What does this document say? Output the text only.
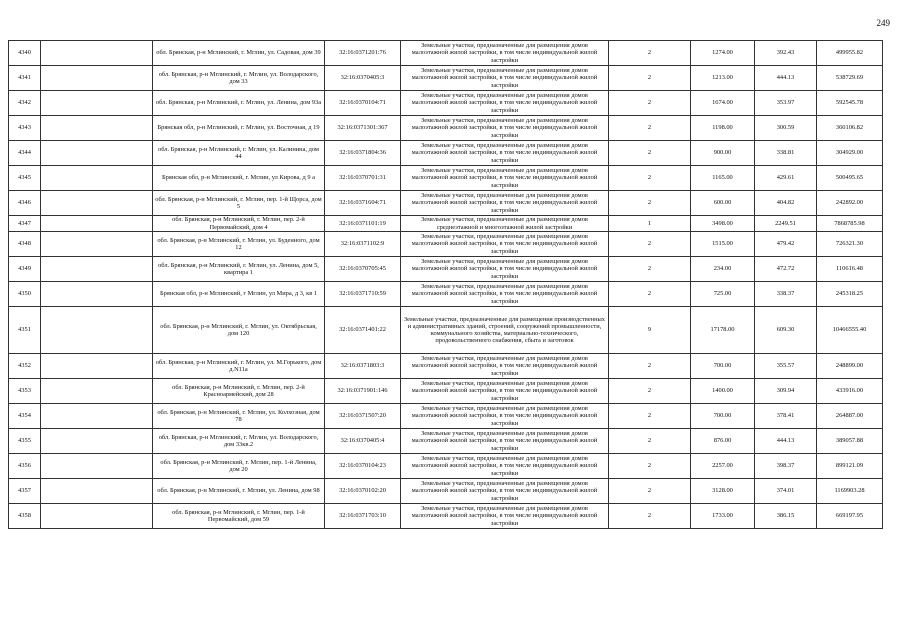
249
4340		обл. Брянская, р-н Мглинский, г. Мглин, ул. Садовая, дом 39	32:16:0371201:76	Земельные участки, предназначенные для размещения домов малоэтажной жилой застройки, в том числе индивидуальной жилой застройки	2	1274.00	392.43	499955.82
4341		обл. Брянская, р-н Мглинский, г. Мглин, ул. Володарского, дом 33	32:16:0370405:3	Земельные участки, предназначенные для размещения домов малоэтажной жилой застройки, в том числе индивидуальной жилой застройки	2	1213.00	444.13	538729.69
4342		обл. Брянская, р-н Мглинский, г. Мглин, ул. Ленина, дом 93а	32:16:0370104:71	Земельные участки, предназначенные для размещения домов малоэтажной жилой застройки, в том числе индивидуальной жилой застройки	2	1674.00	353.97	592545.78
4343		Брянская обл, р-н Мглинский, г. Мглин, ул. Восточная, д 19	32:16:0371301:367	Земельные участки, предназначенные для размещения домов малоэтажной жилой застройки, в том числе индивидуальной жилой застройки	2	1198.00	300.59	360106.82
4344		обл. Брянская, р-н Мглинский, г. Мглин, ул. Калинина, дом 44	32:16:0371804:36	Земельные участки, предназначенные для размещения домов малоэтажной жилой застройки, в том числе индивидуальной жилой застройки	2	900.00	338.81	304929.00
4345		Брянская обл, р-н Мглинский, г. Мглин, ул Кирова, д 9 а	32:16:0370701:31	Земельные участки, предназначенные для размещения домов малоэтажной жилой застройки, в том числе индивидуальной жилой застройки	2	1165.00	429.61	500495.65
4346		обл. Брянская, р-н Мглинский, г. Мглин, пер. 1-й Щорса, дом 5	32:16:0371604:71	Земельные участки, предназначенные для размещения домов малоэтажной жилой застройки, в том числе индивидуальной жилой застройки	2	600.00	404.82	242892.00
4347		обл. Брянская, р-н Мглинский, г. Мглин, пер. 2-й Первомайский, дом 4	32:16:0371101:19	Земельные участки, предназначенные для размещения домов среднеэтажной и многоэтажной жилой застройки	1	3498.00	2249.51	7868785.98
4348		обл. Брянская, р-н Мглинский, г. Мглин, ул. Буденного, дом 12	32:16:0371102:9	Земельные участки, предназначенные для размещения домов малоэтажной жилой застройки, в том числе индивидуальной жилой застройки	2	1515.00	479.42	726321.30
4349		обл. Брянская, р-н Мглинский, г. Мглин, ул. Ленина, дом 5, квартира 1	32:16:0370705:45	Земельные участки, предназначенные для размещения домов малоэтажной жилой застройки, в том числе индивидуальной жилой застройки	2	234.00	472.72	110616.48
4350		Брянская обл, р-н Мглинский, г Мглин, ул Мира, д 3, кв 1	32:16:0371710:59	Земельные участки, предназначенные для размещения домов малоэтажной жилой застройки, в том числе индивидуальной жилой застройки	2	725.00	338.37	245318.25
4351		обл. Брянская, р-н Мглинский, г. Мглин, ул. Октябрьская, дом 120	32:16:0371401:22	Земельные участки, предназначенные для размещения производственных и административных зданий, строений, сооружений промышленности, коммунального хозяйства, материально-технического, продовольственного снабжения, сбыта и заготовок	9	17178.00	609.30	10466555.40
4352		обл. Брянская, р-н Мглинский, г. Мглин, ул. М.Горького, дом д.N11а	32:16:0371803:3	Земельные участки, предназначенные для размещения домов малоэтажной жилой застройки, в том числе индивидуальной жилой застройки	2	700.00	355.57	248899.00
4353		обл. Брянская, р-н Мглинский, г. Мглин, пер. 2-й Красноармейский, дом 28	32:16:0371901:146	Земельные участки, предназначенные для размещения домов малоэтажной жилой застройки, в том числе индивидуальной жилой застройки	2	1400.00	309.94	433916.00
4354		обл. Брянская, р-н Мглинский, г. Мглин, ул. Колхозная, дом 78	32:16:0371507:20	Земельные участки, предназначенные для размещения домов малоэтажной жилой застройки, в том числе индивидуальной жилой застройки	2	700.00	378.41	264887.00
4355		обл. Брянская, р-н Мглинский, г. Мглин, ул. Володарского, дом 33кв.2	32:16:0370405:4	Земельные участки, предназначенные для размещения домов малоэтажной жилой застройки, в том числе индивидуальной жилой застройки	2	876.00	444.13	389057.88
4356		обл. Брянская, р-н Мглинский, г. Мглин, пер. 1-й Ленина, дом 20	32:16:0370104:23	Земельные участки, предназначенные для размещения домов малоэтажной жилой застройки, в том числе индивидуальной жилой застройки	2	2257.00	398.37	899121.09
4357		обл. Брянская, р-н Мглинский, г. Мглин, ул. Ленина, дом 98	32:16:0370102:20	Земельные участки, предназначенные для размещения домов малоэтажной жилой застройки, в том числе индивидуальной жилой застройки	2	3128.00	374.01	1169903.28
4358		обл. Брянская, р-н Мглинский, г. Мглин, пер. 1-й Первомайский, дом 59	32:16:0371703:10	Земельные участки, предназначенные для размещения домов малоэтажной жилой застройки, в том числе индивидуальной жилой застройки	2	1733.00	386.15	669197.95
